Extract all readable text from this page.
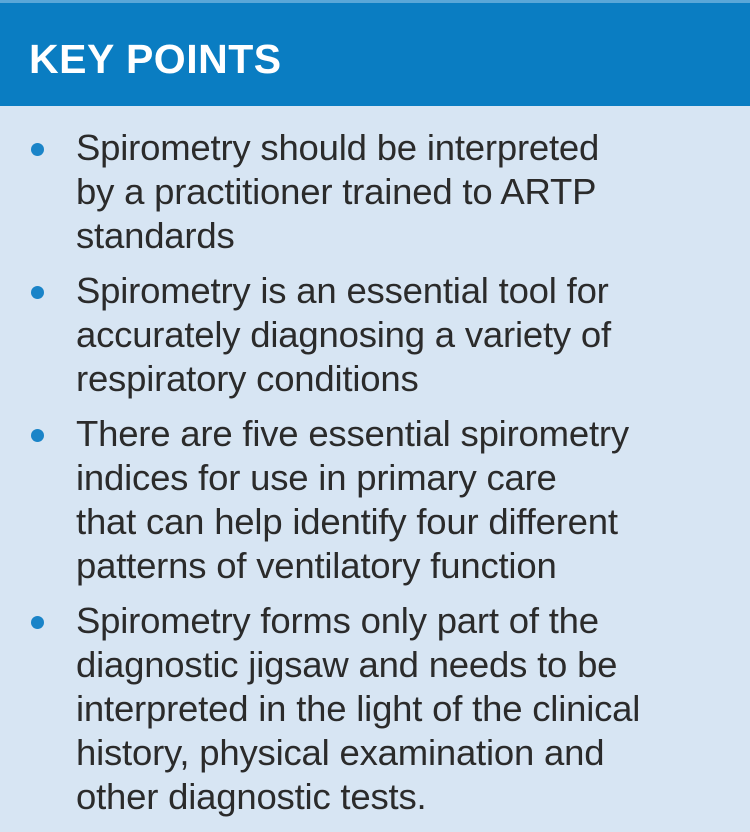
KEY POINTS
Spirometry should be interpreted
by a practitioner trained to ARTP
standards
Spirometry is an essential tool for
accurately diagnosing a variety of
respiratory conditions
There are five essential spirometry
indices for use in primary care
that can help identify four different
patterns of ventilatory function
Spirometry forms only part of the
diagnostic jigsaw and needs to be
interpreted in the light of the clinical
history, physical examination and
other diagnostic tests.
